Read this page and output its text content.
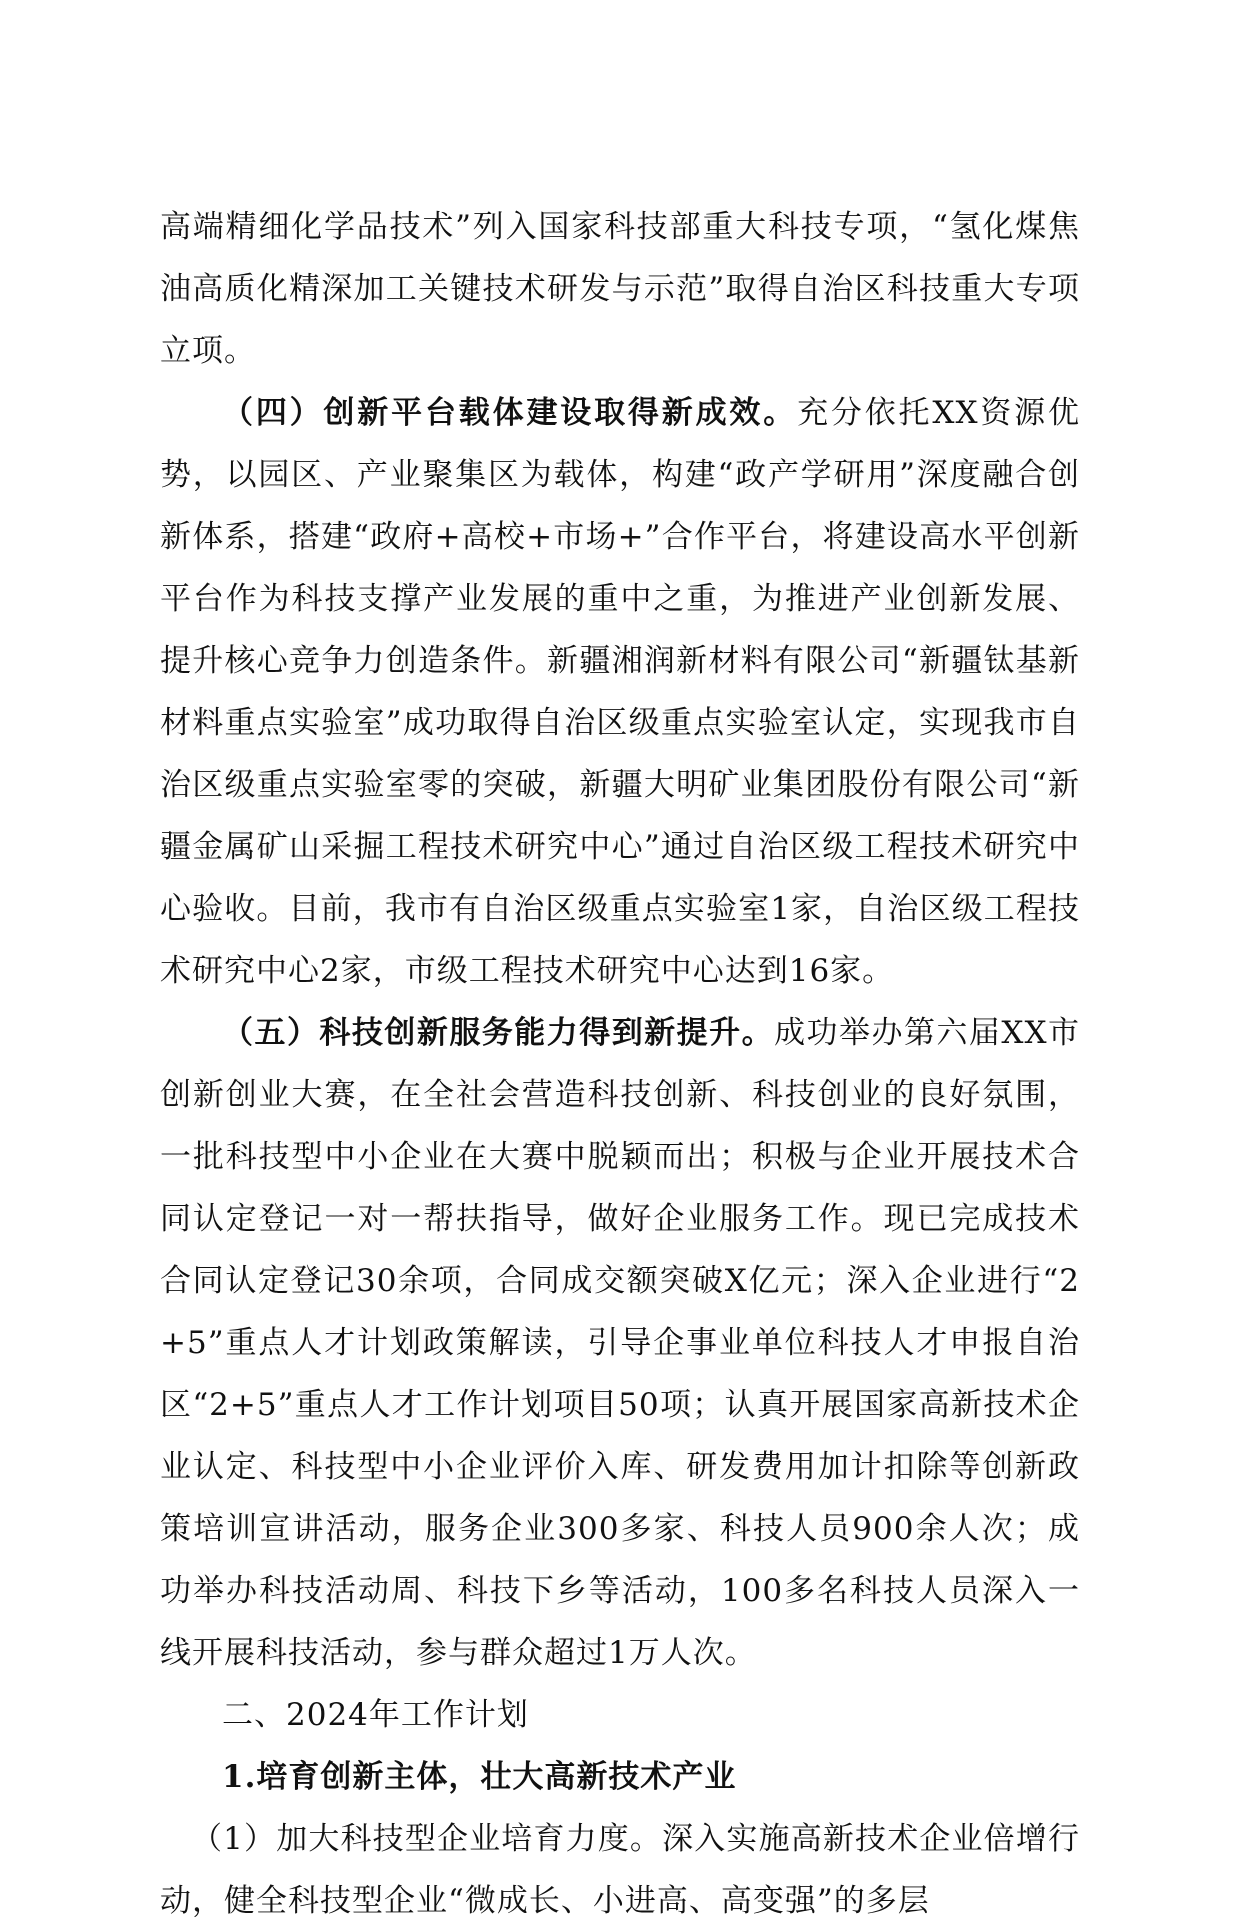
高端精细化学品技术”列入国家科技部重大科技专项，“氢化煤焦油高质化精深加工关键技术研发与示范”取得自治区科技重大专项立项。

（四）创新平台载体建设取得新成效。充分依托XX资源优势，以园区、产业聚集区为载体，构建“政产学研用”深度融合创新体系，搭建“政府+高校+市场+”合作平台，将建设高水平创新平台作为科技支撑产业发展的重中之重，为推进产业创新发展、提升核心竞争力创造条件。新疆湘润新材料有限公司“新疆钛基新材料重点实验室”成功取得自治区级重点实验室认定，实现我市自治区级重点实验室零的突破，新疆大明矿业集团股份有限公司“新疆金属矿山采掘工程技术研究中心”通过自治区级工程技术研究中心验收。目前，我市有自治区级重点实验室1家，自治区级工程技术研究中心2家，市级工程技术研究中心达到16家。

（五）科技创新服务能力得到新提升。成功举办第六届XX市创新创业大赛，在全社会营造科技创新、科技创业的良好氛围，一批科技型中小企业在大赛中脱颖而出；积极与企业开展技术合同认定登记一对一帮扶指导，做好企业服务工作。现已完成技术合同认定登记30余项，合同成交额突破X亿元；深入企业进行“2+5”重点人才计划政策解读，引导企事业单位科技人才申报自治区“2+5”重点人才工作计划项目50项；认真开展国家高新技术企业认定、科技型中小企业评价入库、研发费用加计扣除等创新政策培训宣讲活动，服务企业300多家、科技人员900余人次；成功举办科技活动周、科技下乡等活动，100多名科技人员深入一线开展科技活动，参与群众超过1万人次。

二、2024年工作计划

1.培育创新主体，壮大高新技术产业

（1）加大科技型企业培育力度。深入实施高新技术企业倍增行动，健全科技型企业“微成长、小进高、高变强”的多层
